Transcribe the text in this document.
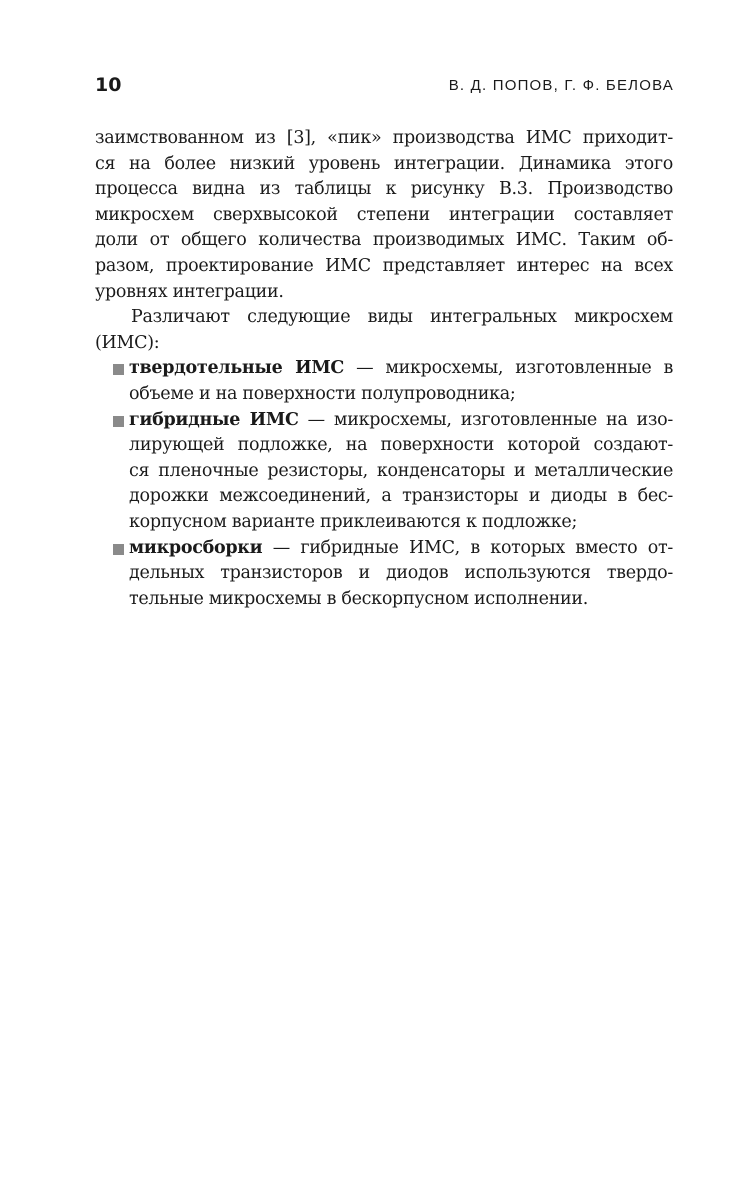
10	В. Д. ПОПОВ, Г. Ф. БЕЛОВА

заимствованном из [3], «пик» производства ИМС приходит-
ся на более низкий уровень интеграции. Динамика этого
процесса видна из таблицы к рисунку В.3. Производство
микросхем сверхвысокой степени интеграции составляет
доли от общего количества производимых ИМС. Таким об-
разом, проектирование ИМС представляет интерес на всех
уровнях интеграции.

Различают следующие виды интегральных микросхем
(ИМС):

твердотельные ИМС — микросхемы, изготовленные в
объеме и на поверхности полупроводника;
гибридные ИМС — микросхемы, изготовленные на изо-
лирующей подложке, на поверхности которой создают-
ся пленочные резисторы, конденсаторы и металлические
дорожки межсоединений, а транзисторы и диоды в бес-
корпусном варианте приклеиваются к подложке;
микросборки — гибридные ИМС, в которых вместо от-
дельных транзисторов и диодов используются твердо-
тельные микросхемы в бескорпусном исполнении.
